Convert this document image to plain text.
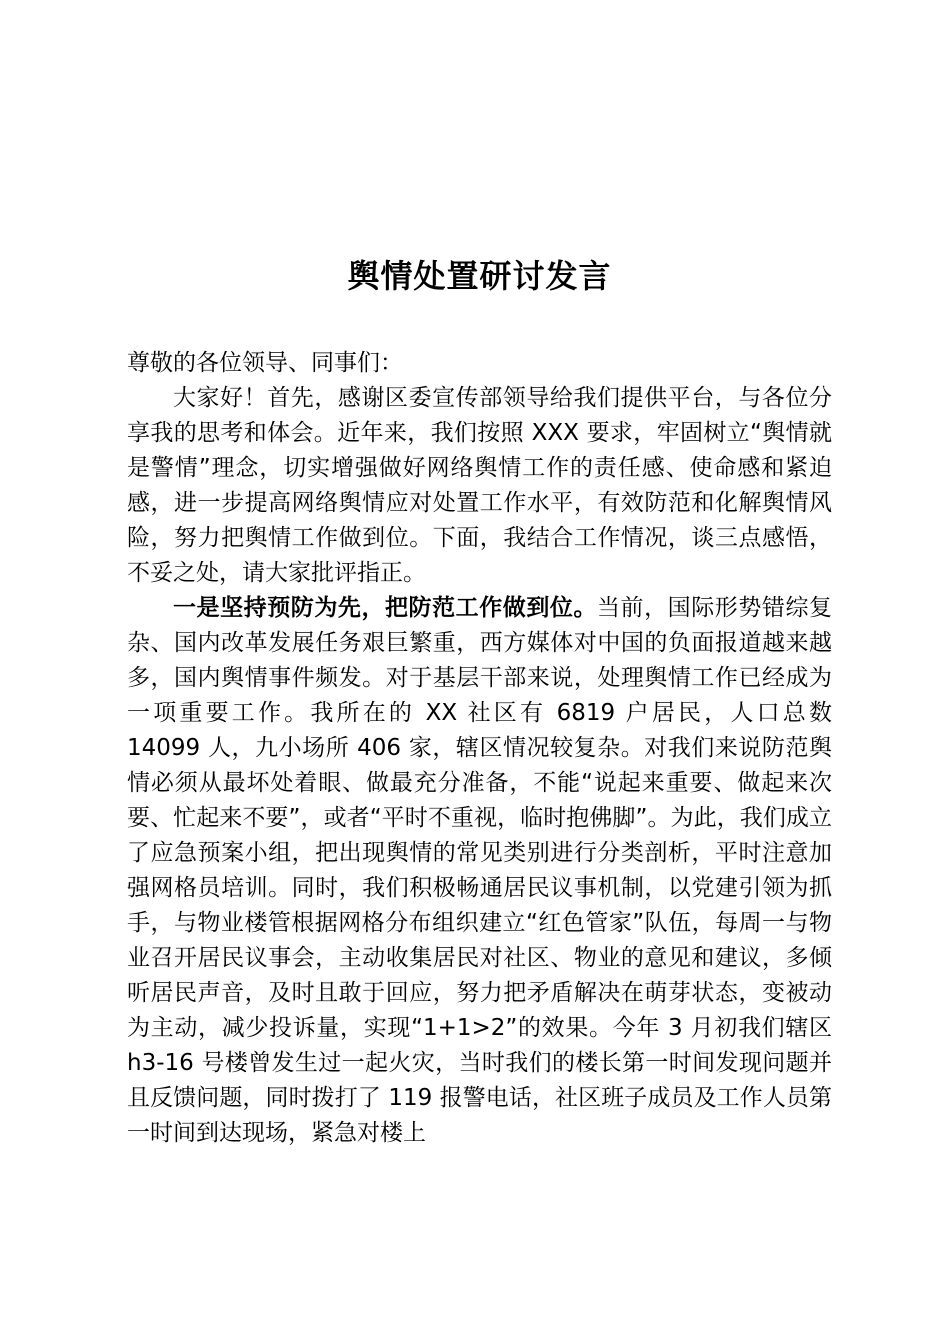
舆情处置研讨发言

尊敬的各位领导、同事们：

大家好！首先，感谢区委宣传部领导给我们提供平台，与各位分享我的思考和体会。近年来，我们按照 XXX 要求，牢固树立“舆情就是警情”理念，切实增强做好网络舆情工作的责任感、使命感和紧迫感，进一步提高网络舆情应对处置工作水平，有效防范和化解舆情风险，努力把舆情工作做到位。下面，我结合工作情况，谈三点感悟，不妥之处，请大家批评指正。

一是坚持预防为先，把防范工作做到位。当前，国际形势错综复杂、国内改革发展任务艰巨繁重，西方媒体对中国的负面报道越来越多，国内舆情事件频发。对于基层干部来说，处理舆情工作已经成为一项重要工作。我所在的 XX 社区有 6819 户居民，人口总数 14099 人，九小场所 406 家，辖区情况较复杂。对我们来说防范舆情必须从最坏处着眼、做最充分准备，不能“说起来重要、做起来次要、忙起来不要”，或者“平时不重视，临时抱佛脚”。为此，我们成立了应急预案小组，把出现舆情的常见类别进行分类剖析，平时注意加强网格员培训。同时，我们积极畅通居民议事机制，以党建引领为抓手，与物业楼管根据网格分布组织建立“红色管家”队伍，每周一与物业召开居民议事会，主动收集居民对社区、物业的意见和建议，多倾听居民声音，及时且敢于回应，努力把矛盾解决在萌芽状态，变被动为主动，减少投诉量，实现“1+1>2”的效果。今年 3 月初我们辖区 h3-16 号楼曾发生过一起火灾，当时我们的楼长第一时间发现问题并且反馈问题，同时拨打了 119 报警电话，社区班子成员及工作人员第一时间到达现场，紧急对楼上
